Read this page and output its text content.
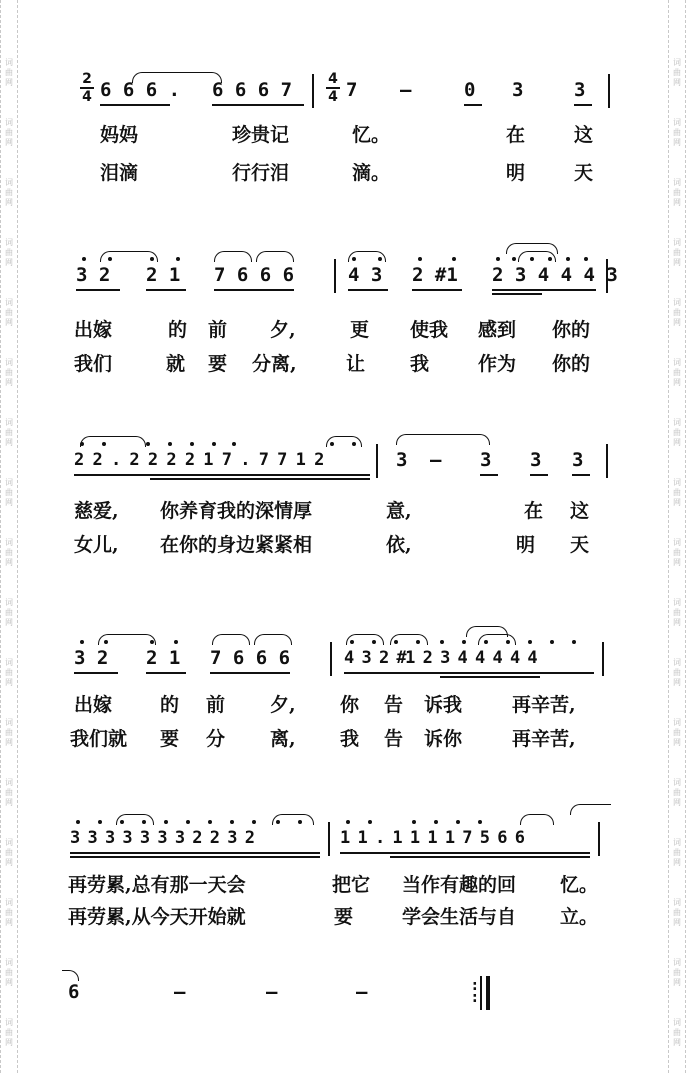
词
曲
网
词
曲
网
词
曲
网
词
曲
网
词
曲
网
词
曲
网
词
曲
网
词
曲
网
词
曲
网
词
曲
网
词
曲
网
词
曲
网
词
曲
网
词
曲
网
词
曲
网
词
曲
网
词
曲
网
词
曲
网
词
曲
网
词
曲
网
词
曲
网
词
曲
网
词
曲
网
词
曲
网
词
曲
网
词
曲
网
词
曲
网
词
曲
网
词
曲
网
词
曲
网
词
曲
网
词
曲
网
词
曲
网
词
曲
网
2
4 6 6 6 . 6 6 6 7	4
4 7 —	0 3	3
妈妈	珍贵记	忆。	在	这
泪滴	行行泪	滴。	明	天
3 2 2 1 7 6 6 6	4 3 2 #1 2 3 4 4 4 3
出嫁	的 前 夕,	更 使我 感到 你的
我们	就 要 分离,	让 我	作为 你的
2 2 . 2 2 2 2 1 7 . 7 7 1 2	3 — 3 3 3
慈爱, 你养育我的深情厚	意,	在 这
女儿, 在你的身边紧紧相	依,	明 天
3 2 2 1 7 6 6 6	4 3 2 #1 2 3 4 4 4 4 4
出嫁	的 前 夕, 你 告 诉我	再辛苦,
我们就 要 分 离, 我 告 诉你	再辛苦,
3 3 3 3 3 3 3 2 2 3 2	1 1 . 1 1 1 1 7 5 6 6
再劳累,总有那一天会	把它 当作有趣的回 忆。
再劳累,从今天开始就	要	学会生活与自 立。
6	—	—	—	:
:
